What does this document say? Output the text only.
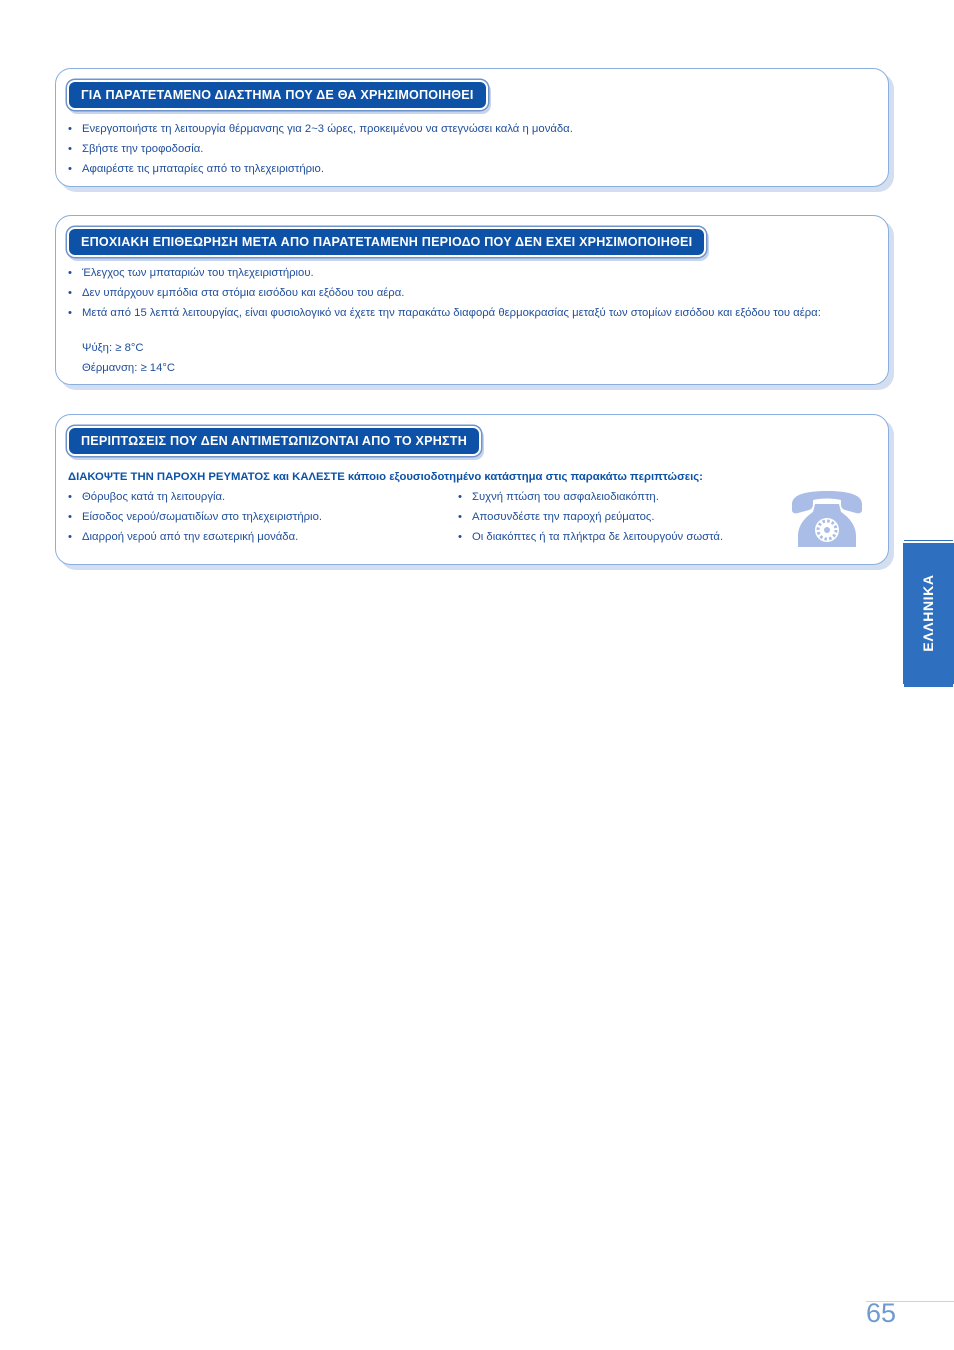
ΓΙΑ ΠΑΡΑΤΕΤΑΜΕΝΟ ΔΙΑΣΤΗΜΑ ΠΟΥ ΔΕ ΘΑ ΧΡΗΣΙΜΟΠΟΙΗΘΕΙ
• Ενεργοποιήστε τη λειτουργία θέρμανσης για 2~3 ώρες, προκειμένου να στεγνώσει καλά η μονάδα.
• Σβήστε την τροφοδοσία.
• Αφαιρέστε τις μπαταρίες από το τηλεχειριστήριο.
ΕΠΟΧΙΑΚΗ ΕΠΙΘΕΩΡΗΣΗ ΜΕΤΑ ΑΠΟ ΠΑΡΑΤΕΤΑΜΕΝΗ ΠΕΡΙΟΔΟ ΠΟΥ ΔΕΝ ΕΧΕΙ ΧΡΗΣΙΜΟΠΟΙΗΘΕΙ
• Έλεγχος των μπαταριών του τηλεχειριστήριου.
• Δεν υπάρχουν εμπόδια στα στόμια εισόδου και εξόδου του αέρα.
• Μετά από 15 λεπτά λειτουργίας, είναι φυσιολογικό να έχετε την παρακάτω διαφορά θερμοκρασίας μεταξύ των στομίων εισόδου και εξόδου του αέρα:
Ψύξη: ≥ 8°C
Θέρμανση: ≥ 14°C
ΠΕΡΙΠΤΩΣΕΙΣ ΠΟΥ ΔΕΝ ΑΝΤΙΜΕΤΩΠΙΖΟΝΤΑΙ ΑΠΟ ΤΟ ΧΡΗΣΤΗ
ΔΙΑΚΟΨΤΕ ΤΗΝ ΠΑΡΟΧΗ ΡΕΥΜΑΤΟΣ και ΚΑΛΕΣΤΕ κάποιο εξουσιοδοτημένο κατάστημα στις παρακάτω περιπτώσεις:
• Θόρυβος κατά τη λειτουργία.
• Είσοδος νερού/σωματιδίων στο τηλεχειριστήριο.
• Διαρροή νερού από την εσωτερική μονάδα.
• Συχνή πτώση του ασφαλειοδιακόπτη.
• Αποσυνδέστε την παροχή ρεύματος.
• Οι διακόπτες ή τα πλήκτρα δε λειτουργούν σωστά.
ΕΛΛΗΝΙΚΑ
65
